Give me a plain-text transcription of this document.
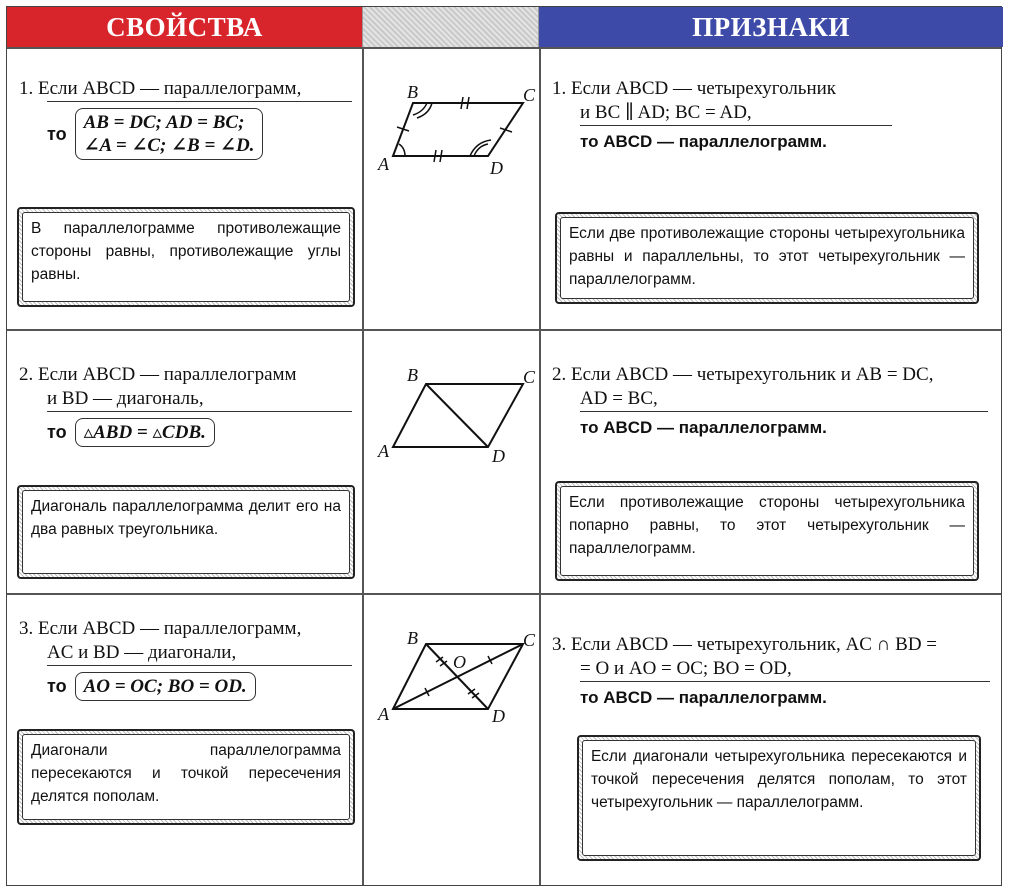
СВОЙСТВА	ПРИЗНАКИ
1. Если ABCD — параллелограмм,
то
AB = DC; AD = BC;
∠A = ∠C; ∠B = ∠D.
В параллелограмме противолежащие стороны равны, противолежащие углы равны.
A
B	C
D
1. Если ABCD — четырехугольник
и BC ∥ AD; BC = AD,
то ABCD — параллелограмм.
Если две противолежащие стороны четырехугольника равны и параллельны, то этот четырехугольник — параллелограмм.
2. Если ABCD — параллелограмм
и BD — диагональ,
то ▵ABD = ▵CDB.
Диагональ параллелограмма делит его на два равных треугольника.
A
B	C
D
2. Если ABCD — четырехугольник и AB = DC,
AD = BC,
то ABCD — параллелограмм.
Если противолежащие стороны четырехугольника попарно равны, то этот четырехугольник — параллелограмм.
3. Если ABCD — параллелограмм,
AC и BD — диагонали,
то AO = OC; BO = OD.
Диагонали параллелограмма пересекаются и точкой пересечения делятся пополам.
A
B	C
D
O
3. Если ABCD — четырехугольник, AC ∩ BD =
= O и AO = OC; BO = OD,
то ABCD — параллелограмм.
Если диагонали четырехугольника пересекаются и точкой пересечения делятся пополам, то этот четырехугольник — параллелограмм.
